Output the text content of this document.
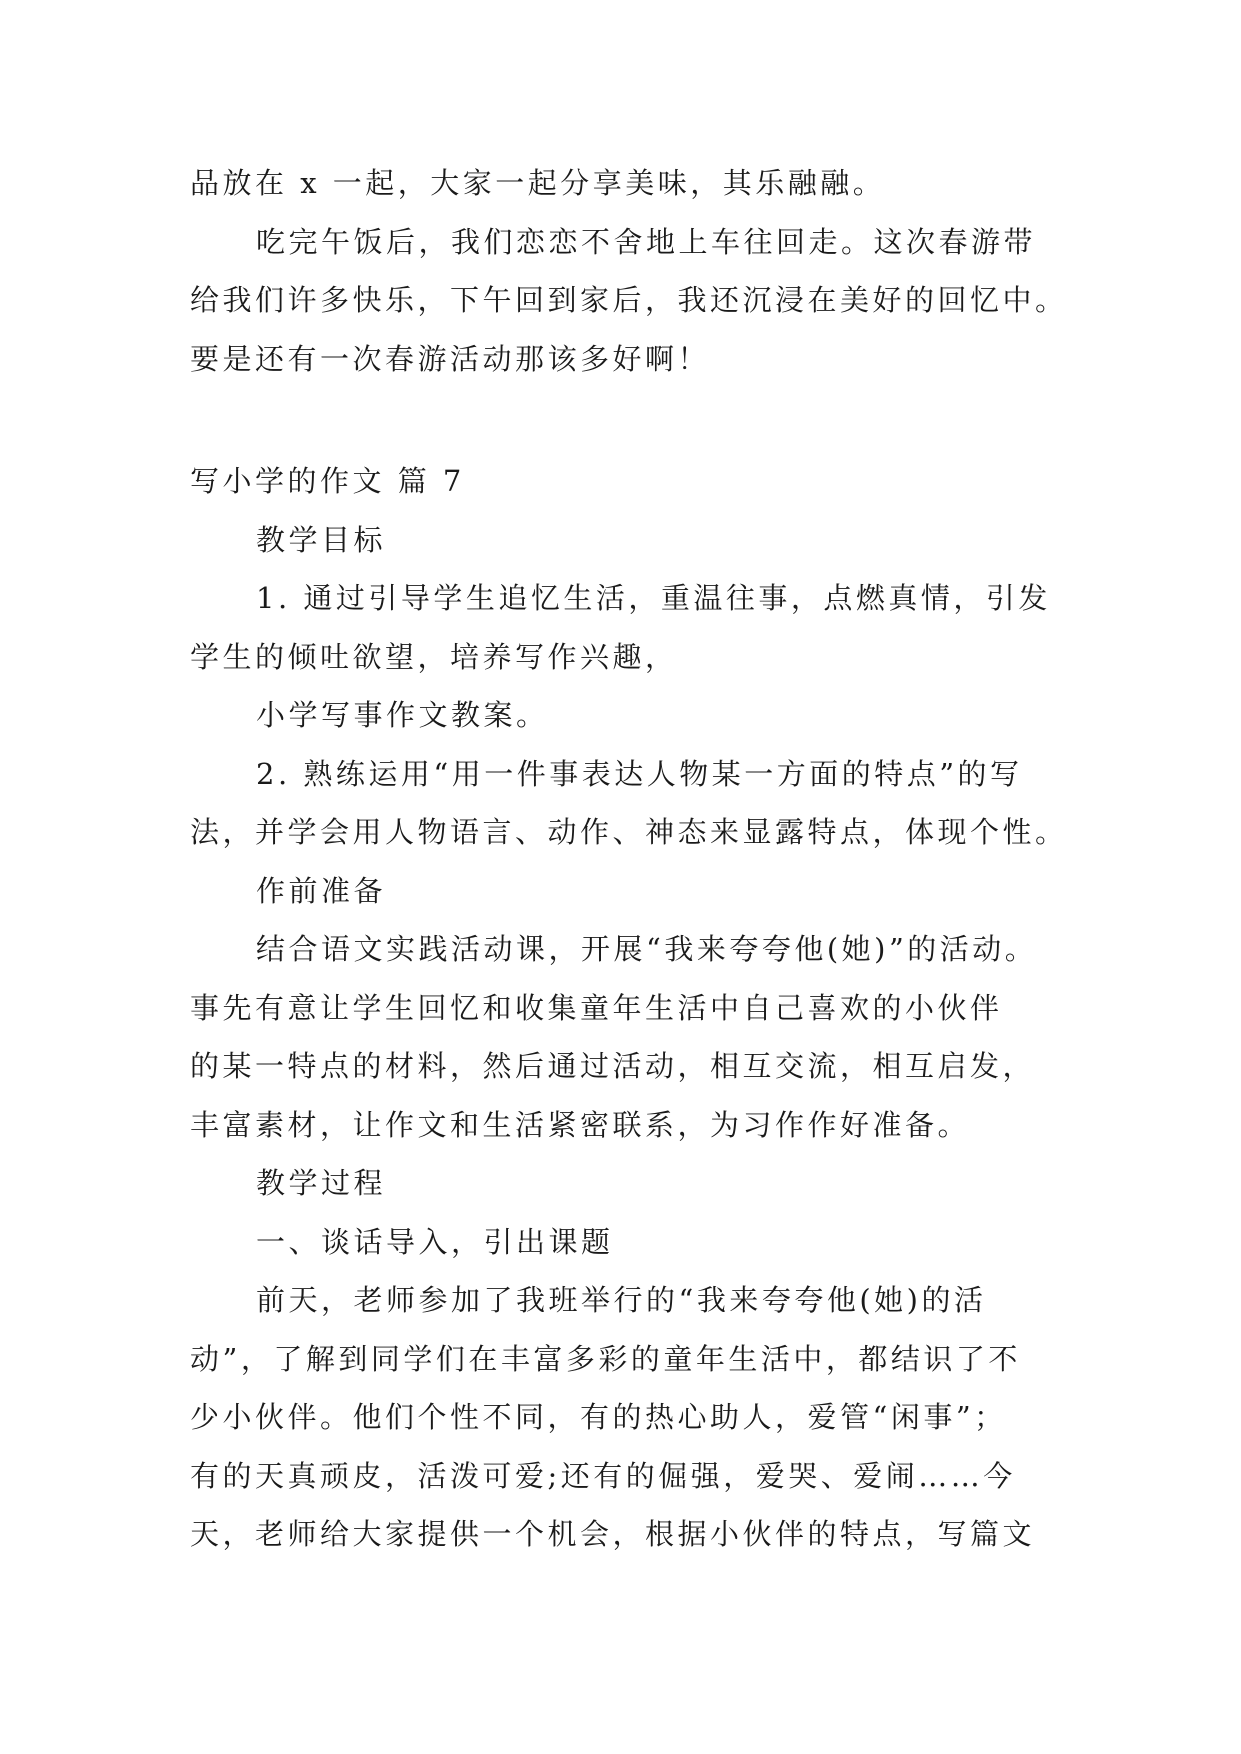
品放在 x 一起，大家一起分享美味，其乐融融。
吃完午饭后，我们恋恋不舍地上车往回走。这次春游带
给我们许多快乐，下午回到家后，我还沉浸在美好的回忆中。
要是还有一次春游活动那该多好啊！
写小学的作文 篇 7
教学目标
1. 通过引导学生追忆生活，重温往事，点燃真情，引发
学生的倾吐欲望，培养写作兴趣，
小学写事作文教案。
2. 熟练运用“用一件事表达人物某一方面的特点”的写
法，并学会用人物语言、动作、神态来显露特点，体现个性。
作前准备
结合语文实践活动课，开展“我来夸夸他(她)”的活动。
事先有意让学生回忆和收集童年生活中自己喜欢的小伙伴
的某一特点的材料，然后通过活动，相互交流，相互启发，
丰富素材，让作文和生活紧密联系，为习作作好准备。
教学过程
一、谈话导入，引出课题
前天，老师参加了我班举行的“我来夸夸他(她)的活
动”，了解到同学们在丰富多彩的童年生活中，都结识了不
少小伙伴。他们个性不同，有的热心助人，爱管“闲事”；
有的天真顽皮，活泼可爱;还有的倔强，爱哭、爱闹……今
天，老师给大家提供一个机会，根据小伙伴的特点，写篇文
